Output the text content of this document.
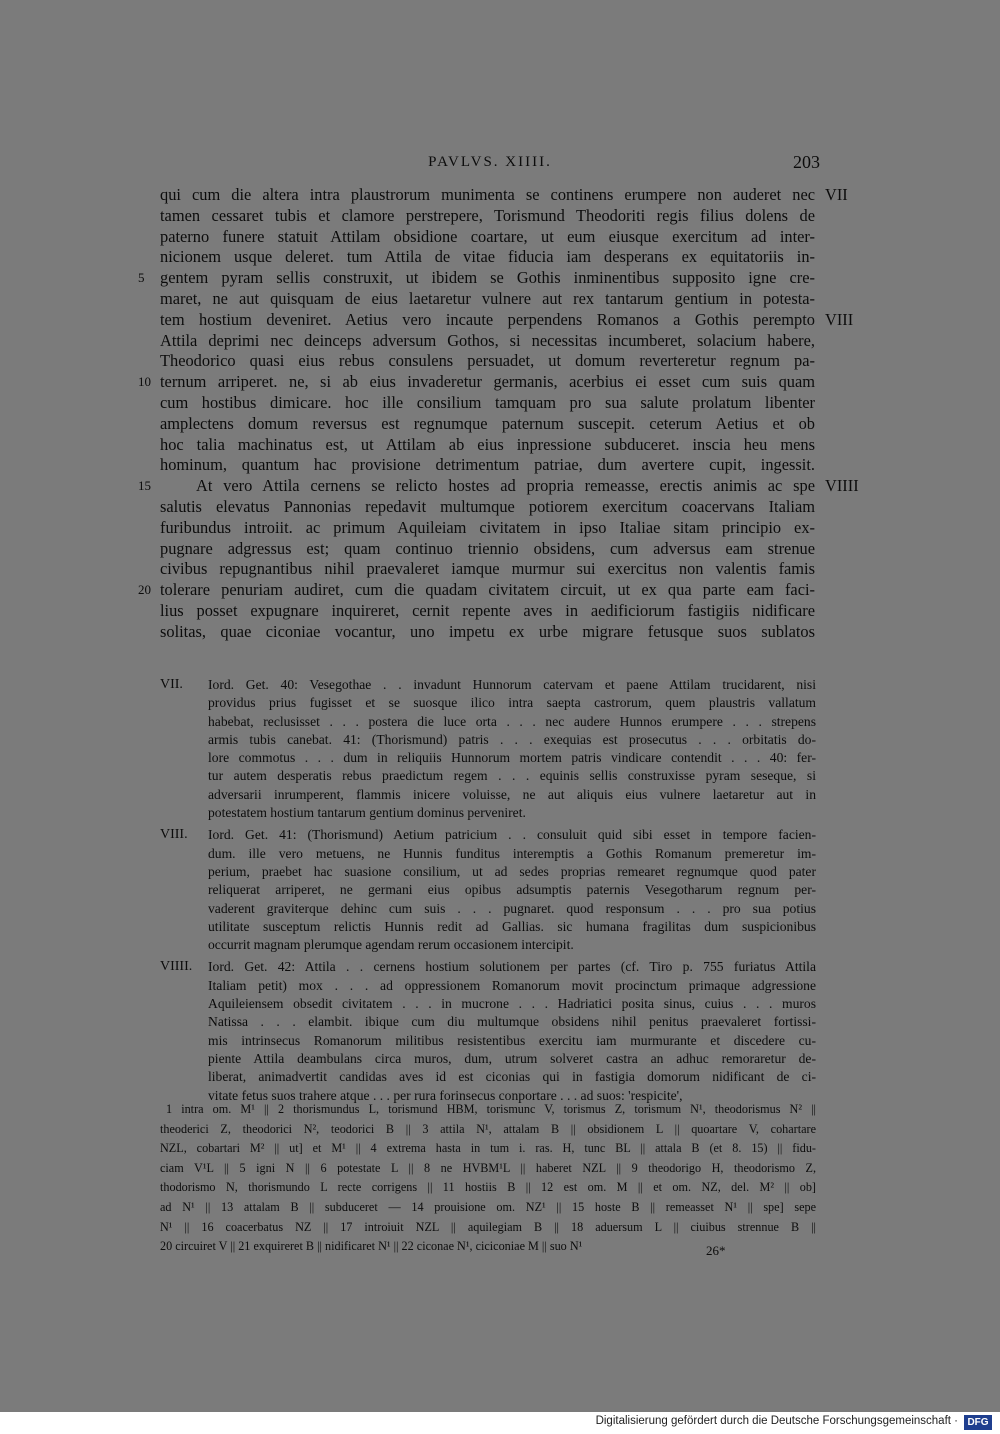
PAVLVS. XIIII.	203
qui cum die altera intra plaustrorum munimenta se continens erumpere non auderet nec VII
tamen cessaret tubis et clamore perstrepere, Torismund Theodoriti regis filius dolens de
paterno funere statuit Attilam obsidione coartare, ut eum eiusque exercitum ad inter-
nicionem usque deleret. tum Attila de vitae fiducia iam desperans ex equitatoriis in-
5 gentem pyram sellis construxit, ut ibidem se Gothis inminentibus supposito igne cre-
maret, ne aut quisquam de eius laetaretur vulnere aut rex tantarum gentium in potesta-
tem hostium deveniret. Aetius vero incaute perpendens Romanos a Gothis perempto VIII
Attila deprimi nec deinceps adversum Gothos, si necessitas incumberet, solacium habere,
Theodorico quasi eius rebus consulens persuadet, ut domum reverteretur regnum pa-
10 ternum arriperet. ne, si ab eius invaderetur germanis, acerbius ei esset cum suis quam
cum hostibus dimicare. hoc ille consilium tamquam pro sua salute prolatum libenter
amplectens domum reversus est regnumque paternum suscepit. ceterum Aetius et ob
hoc talia machinatus est, ut Attilam ab eius inpressione subduceret. inscia heu mens
hominum, quantum hac provisione detrimentum patriae, dum avertere cupit, ingessit.
15	At vero Attila cernens se relicto hostes ad propria remeasse, erectis animis ac spe VIIII
salutis elevatus Pannonias repedavit multumque potiorem exercitum coacervans Italiam
furibundus introiit. ac primum Aquileiam civitatem in ipso Italiae sitam principio ex-
pugnare adgressus est; quam continuo triennio obsidens, cum adversus eam strenue
civibus repugnantibus nihil praevaleret iamque murmur sui exercitus non valentis famis
20 tolerare penuriam audiret, cum die quadam civitatem circuit, ut ex qua parte eam faci-
lius posset expugnare inquireret, cernit repente aves in aedificiorum fastigiis nidificare
solitas, quae ciconiae vocantur, uno impetu ex urbe migrare fetusque suos sublatos
VII. Iord. Get. 40: Vesegothae . . invadunt Hunnorum catervam et paene Attilam trucidarent, nisi
providus prius fugisset et se suosque ilico intra saepta castrorum, quem plaustris vallatum
habebat, reclusisset . . . postera die luce orta . . . nec audere Hunnos erumpere . . . strepens
armis tubis canebat. 41: (Thorismund) patris . . . exequias est prosecutus . . . orbitatis do-
lore commotus . . . dum in reliquiis Hunnorum mortem patris vindicare contendit . . . 40: fer-
tur autem desperatis rebus praedictum regem . . . equinis sellis construxisse pyram seseque, si
adversarii inrumperent, flammis inicere voluisse, ne aut aliquis eius vulnere laetaretur aut in
potestatem hostium tantarum gentium dominus perveniret.
VIII. Iord. Get. 41: (Thorismund) Aetium patricium . . consuluit quid sibi esset in tempore facien-
dum. ille vero metuens, ne Hunnis funditus interemptis a Gothis Romanum premeretur im-
perium, praebet hac suasione consilium, ut ad sedes proprias remearet regnumque quod pater
reliquerat arriperet, ne germani eius opibus adsumptis paternis Vesegotharum regnum per-
vaderent graviterque dehinc cum suis . . . pugnaret. quod responsum . . . pro sua potius
utilitate susceptum relictis Hunnis redit ad Gallias. sic humana fragilitas dum suspicionibus
occurrit magnam plerumque agendam rerum occasionem intercipit.
VIIII. Iord. Get. 42: Attila . . cernens hostium solutionem per partes (cf. Tiro p. 755 furiatus Attila
Italiam petit) mox . . . ad oppressionem Romanorum movit procinctum primaque adgressione
Aquileiensem obsedit civitatem . . . in mucrone . . . Hadriatici posita sinus, cuius . . . muros
Natissa . . . elambit. ibique cum diu multumque obsidens nihil penitus praevaleret fortissi-
mis intrinsecus Romanorum militibus resistentibus exercitu iam murmurante et discedere cu-
piente Attila deambulans circa muros, dum, utrum solveret castra an adhuc remoraretur de-
liberat, animadvertit candidas aves id est ciconias qui in fastigia domorum nidificant de ci-
vitate fetus suos trahere atque . . . per rura forinsecus conportare . . . ad suos: 'respicite',
1 intra om. M¹ || 2 thorismundus L, torismund HBM, torismunc V, torismus Z, torismum N¹, theodorismus N² ||
theoderici Z, theodorici N², teodorici B || 3 attila N¹, attalam B || obsidionem L || quoartare V, cohartare
NZL, cobartari M² || ut] et M¹ || 4 extrema hasta in tum i. ras. H, tunc BL || attala B (et 8. 15) || fidu-
ciam V¹L || 5 igni N || 6 potestate L || 8 ne HVBM¹L || haberet NZL || 9 theodorigo H, theodorismo Z,
thodorismo N, thorismundo L recte corrigens || 11 hostiis B || 12 est om. M || et om. NZ, del. M² || ob]
ad N¹ || 13 attalam B || subduceret — 14 prouisione om. NZ¹ || 15 hoste B || remeasset N¹ || spe] sepe
N¹ || 16 coacerbatus NZ || 17 introiuit NZL || aquilegiam B || 18 aduersum L || ciuibus strennue B ||
20 circuiret V || 21 exquireret B || nidificaret N¹ || 22 ciconae N¹, ciciconiae M || suo N¹	26*
Digitalisierung gefördert durch die Deutsche Forschungsgemeinschaft · DFG
